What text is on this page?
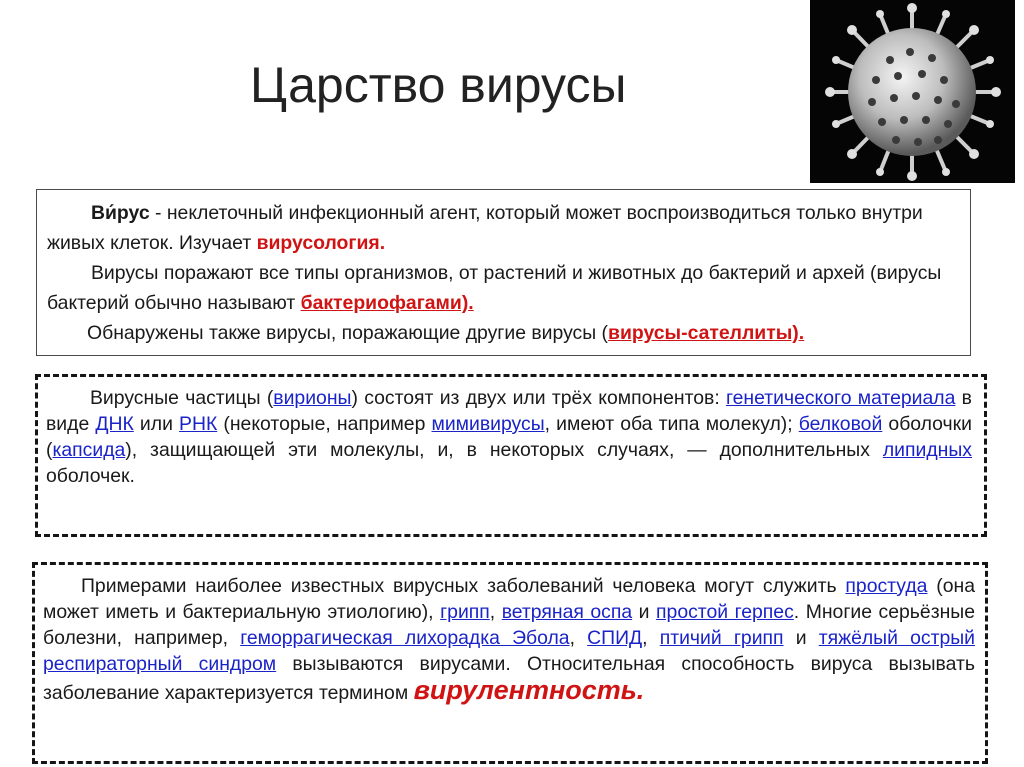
Царство вирусы

Ви́рус - неклеточный инфекционный агент, который может воспроизводиться только внутри живых клеток. Изучает вирусология.

Вирусы поражают все типы организмов, от растений и животных до бактерий и архей (вирусы бактерий обычно называют бактериофагами).

Обнаружены также вирусы, поражающие другие вирусы (вирусы-сателлиты).

Вирусные частицы (вирионы) состоят из двух или трёх компонентов: генетического материала в виде ДНК или РНК (некоторые, например мимивирусы, имеют оба типа молекул); белковой оболочки (капсида), защищающей эти молекулы, и, в некоторых случаях, — дополнительных липидных оболочек.

Примерами наиболее известных вирусных заболеваний человека могут служить простуда (она может иметь и бактериальную этиологию), грипп, ветряная оспа и простой герпес. Многие серьёзные болезни, например, геморрагическая лихорадка Эбола, СПИД, птичий грипп и тяжёлый острый респираторный синдром вызываются вирусами. Относительная способность вируса вызывать заболевание характеризуется термином вирулентность.
